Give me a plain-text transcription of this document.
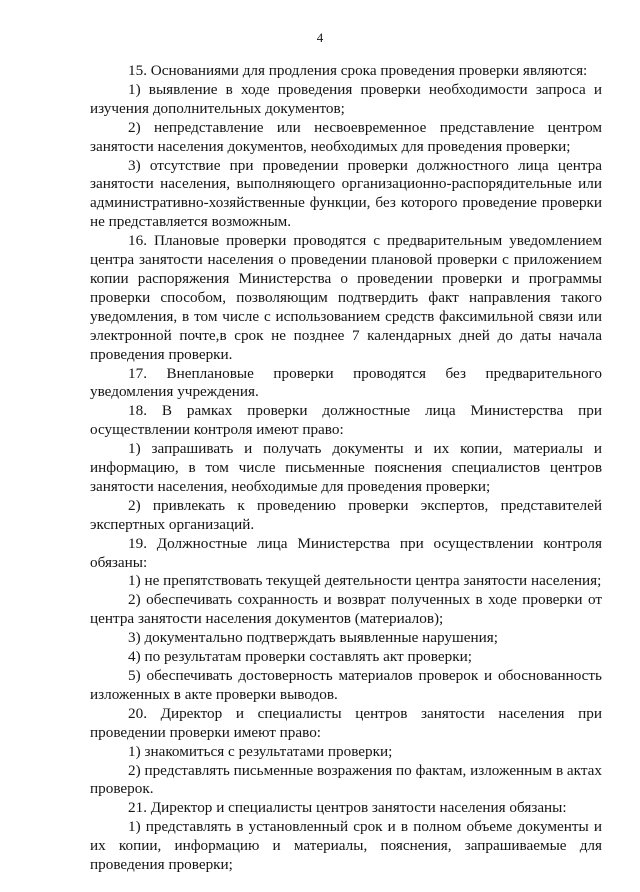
4

15. Основаниями для продления срока проведения проверки являются:

1) выявление в ходе проведения проверки необходимости запроса и изучения дополнительных документов;

2) непредставление или несвоевременное представление центром занятости населения документов, необходимых для проведения проверки;

3) отсутствие при проведении проверки должностного лица центра занятости населения, выполняющего организационно-распорядительные или административно-хозяйственные функции, без которого проведение проверки не представляется возможным.

16. Плановые проверки проводятся с предварительным уведомлением центра занятости населения о проведении плановой проверки с приложением копии распоряжения Министерства о проведении проверки и программы проверки способом, позволяющим подтвердить факт направления такого уведомления, в том числе с использованием средств факсимильной связи или электронной почте,в срок не позднее 7 календарных дней до даты начала проведения проверки.

17. Внеплановые проверки проводятся без предварительного уведомления учреждения.

18. В рамках проверки должностные лица Министерства при осуществлении контроля имеют право:

1) запрашивать и получать документы и их копии, материалы и информацию, в том числе письменные пояснения специалистов центров занятости населения, необходимые для проведения проверки;

2) привлекать к проведению проверки экспертов, представителей экспертных организаций.

19. Должностные лица Министерства при осуществлении контроля обязаны:

1) не препятствовать текущей деятельности центра занятости населения;

2) обеспечивать сохранность и возврат полученных в ходе проверки от центра занятости населения документов (материалов);

3) документально подтверждать выявленные нарушения;

4) по результатам проверки составлять акт проверки;

5) обеспечивать достоверность материалов проверок и обоснованность изложенных в акте проверки выводов.

20. Директор и специалисты центров занятости населения при проведении проверки имеют право:

1) знакомиться с результатами проверки;

2) представлять письменные возражения по фактам, изложенным в актах проверок.

21. Директор и специалисты центров занятости населения обязаны:

1) представлять в установленный срок и в полном объеме документы и их копии, информацию и материалы, пояснения, запрашиваемые для проведения проверки;
